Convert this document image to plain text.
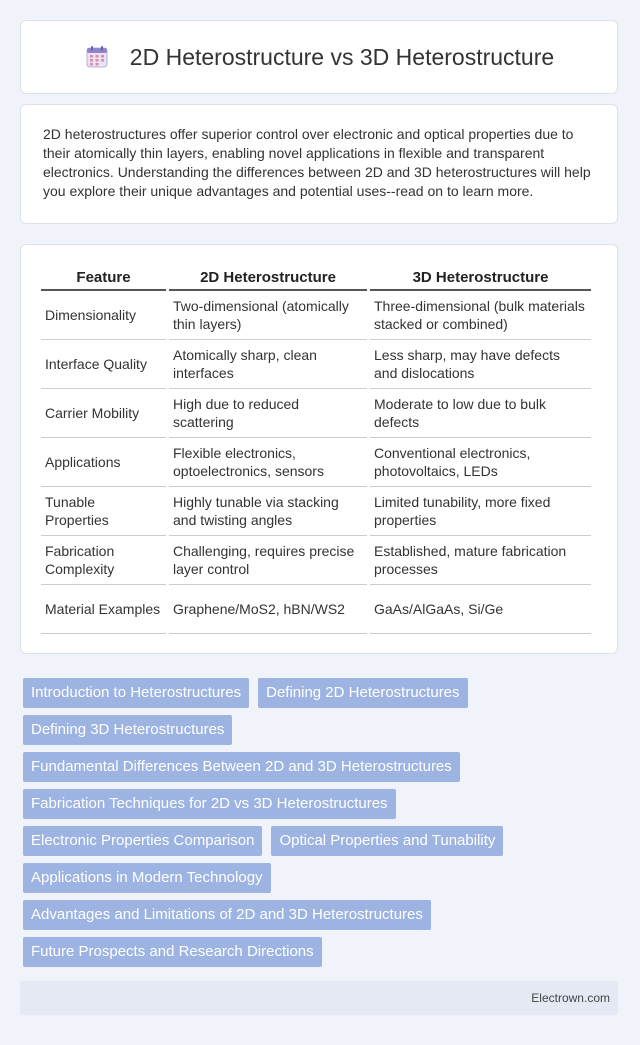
2D Heterostructure vs 3D Heterostructure
2D heterostructures offer superior control over electronic and optical properties due to their atomically thin layers, enabling novel applications in flexible and transparent electronics. Understanding the differences between 2D and 3D heterostructures will help you explore their unique advantages and potential uses--read on to learn more.
Feature	2D Heterostructure	3D Heterostructure
Dimensionality	Two-dimensional (atomically thin layers)	Three-dimensional (bulk materials stacked or combined)
Interface Quality	Atomically sharp, clean interfaces	Less sharp, may have defects and dislocations
Carrier Mobility	High due to reduced scattering	Moderate to low due to bulk defects
Applications	Flexible electronics, optoelectronics, sensors	Conventional electronics, photovoltaics, LEDs
Tunable Properties	Highly tunable via stacking and twisting angles	Limited tunability, more fixed properties
Fabrication Complexity	Challenging, requires precise layer control	Established, mature fabrication processes
Material Examples	Graphene/MoS2, hBN/WS2	GaAs/AlGaAs, Si/Ge
Introduction to Heterostructures	Defining 2D Heterostructures
Defining 3D Heterostructures
Fundamental Differences Between 2D and 3D Heterostructures
Fabrication Techniques for 2D vs 3D Heterostructures
Electronic Properties Comparison	Optical Properties and Tunability
Applications in Modern Technology
Advantages and Limitations of 2D and 3D Heterostructures
Future Prospects and Research Directions
Electrown.com
